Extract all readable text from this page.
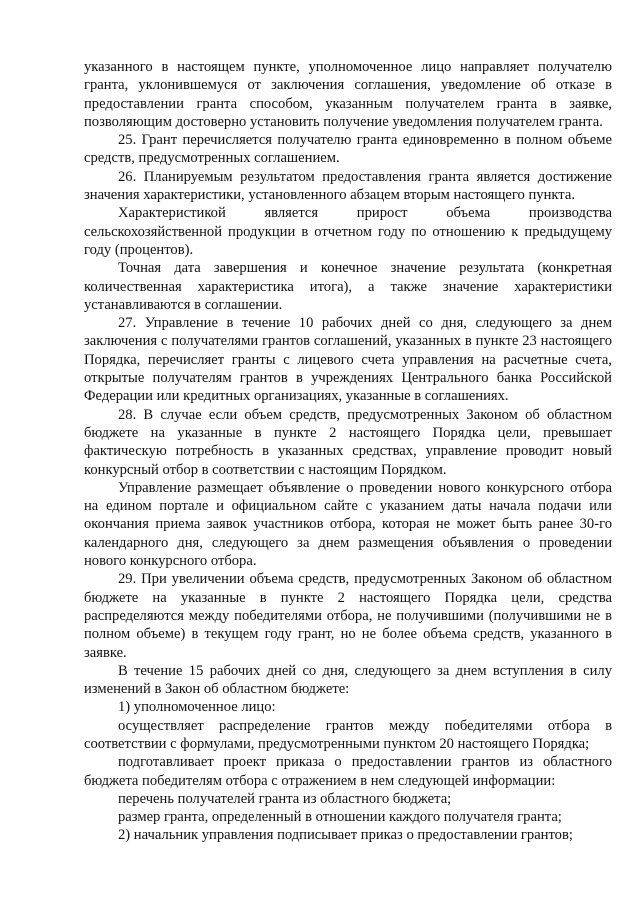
указанного в настоящем пункте, уполномоченное лицо направляет получателю гранта, уклонившемуся от заключения соглашения, уведомление об отказе в предоставлении гранта способом, указанным получателем гранта в заявке, позволяющим достоверно установить получение уведомления получателем гранта.

25. Грант перечисляется получателю гранта единовременно в полном объеме средств, предусмотренных соглашением.

26. Планируемым результатом предоставления гранта является достижение значения характеристики, установленного абзацем вторым настоящего пункта.

Характеристикой является прирост объема производства сельскохозяйственной продукции в отчетном году по отношению к предыдущему году (процентов).

Точная дата завершения и конечное значение результата (конкретная количественная характеристика итога), а также значение характеристики устанавливаются в соглашении.

27. Управление в течение 10 рабочих дней со дня, следующего за днем заключения с получателями грантов соглашений, указанных в пункте 23 настоящего Порядка, перечисляет гранты с лицевого счета управления на расчетные счета, открытые получателям грантов в учреждениях Центрального банка Российской Федерации или кредитных организациях, указанные в соглашениях.

28. В случае если объем средств, предусмотренных Законом об областном бюджете на указанные в пункте 2 настоящего Порядка цели, превышает фактическую потребность в указанных средствах, управление проводит новый конкурсный отбор в соответствии с настоящим Порядком.

Управление размещает объявление о проведении нового конкурсного отбора на едином портале и официальном сайте с указанием даты начала подачи или окончания приема заявок участников отбора, которая не может быть ранее 30-го календарного дня, следующего за днем размещения объявления о проведении нового конкурсного отбора.

29. При увеличении объема средств, предусмотренных Законом об областном бюджете на указанные в пункте 2 настоящего Порядка цели, средства распределяются между победителями отбора, не получившими (получившими не в полном объеме) в текущем году грант, но не более объема средств, указанного в заявке.

В течение 15 рабочих дней со дня, следующего за днем вступления в силу изменений в Закон об областном бюджете:

1) уполномоченное лицо:

осуществляет распределение грантов между победителями отбора в соответствии с формулами, предусмотренными пунктом 20 настоящего Порядка;

подготавливает проект приказа о предоставлении грантов из областного бюджета победителям отбора с отражением в нем следующей информации:

перечень получателей гранта из областного бюджета;

размер гранта, определенный в отношении каждого получателя гранта;

2) начальник управления подписывает приказ о предоставлении грантов;
